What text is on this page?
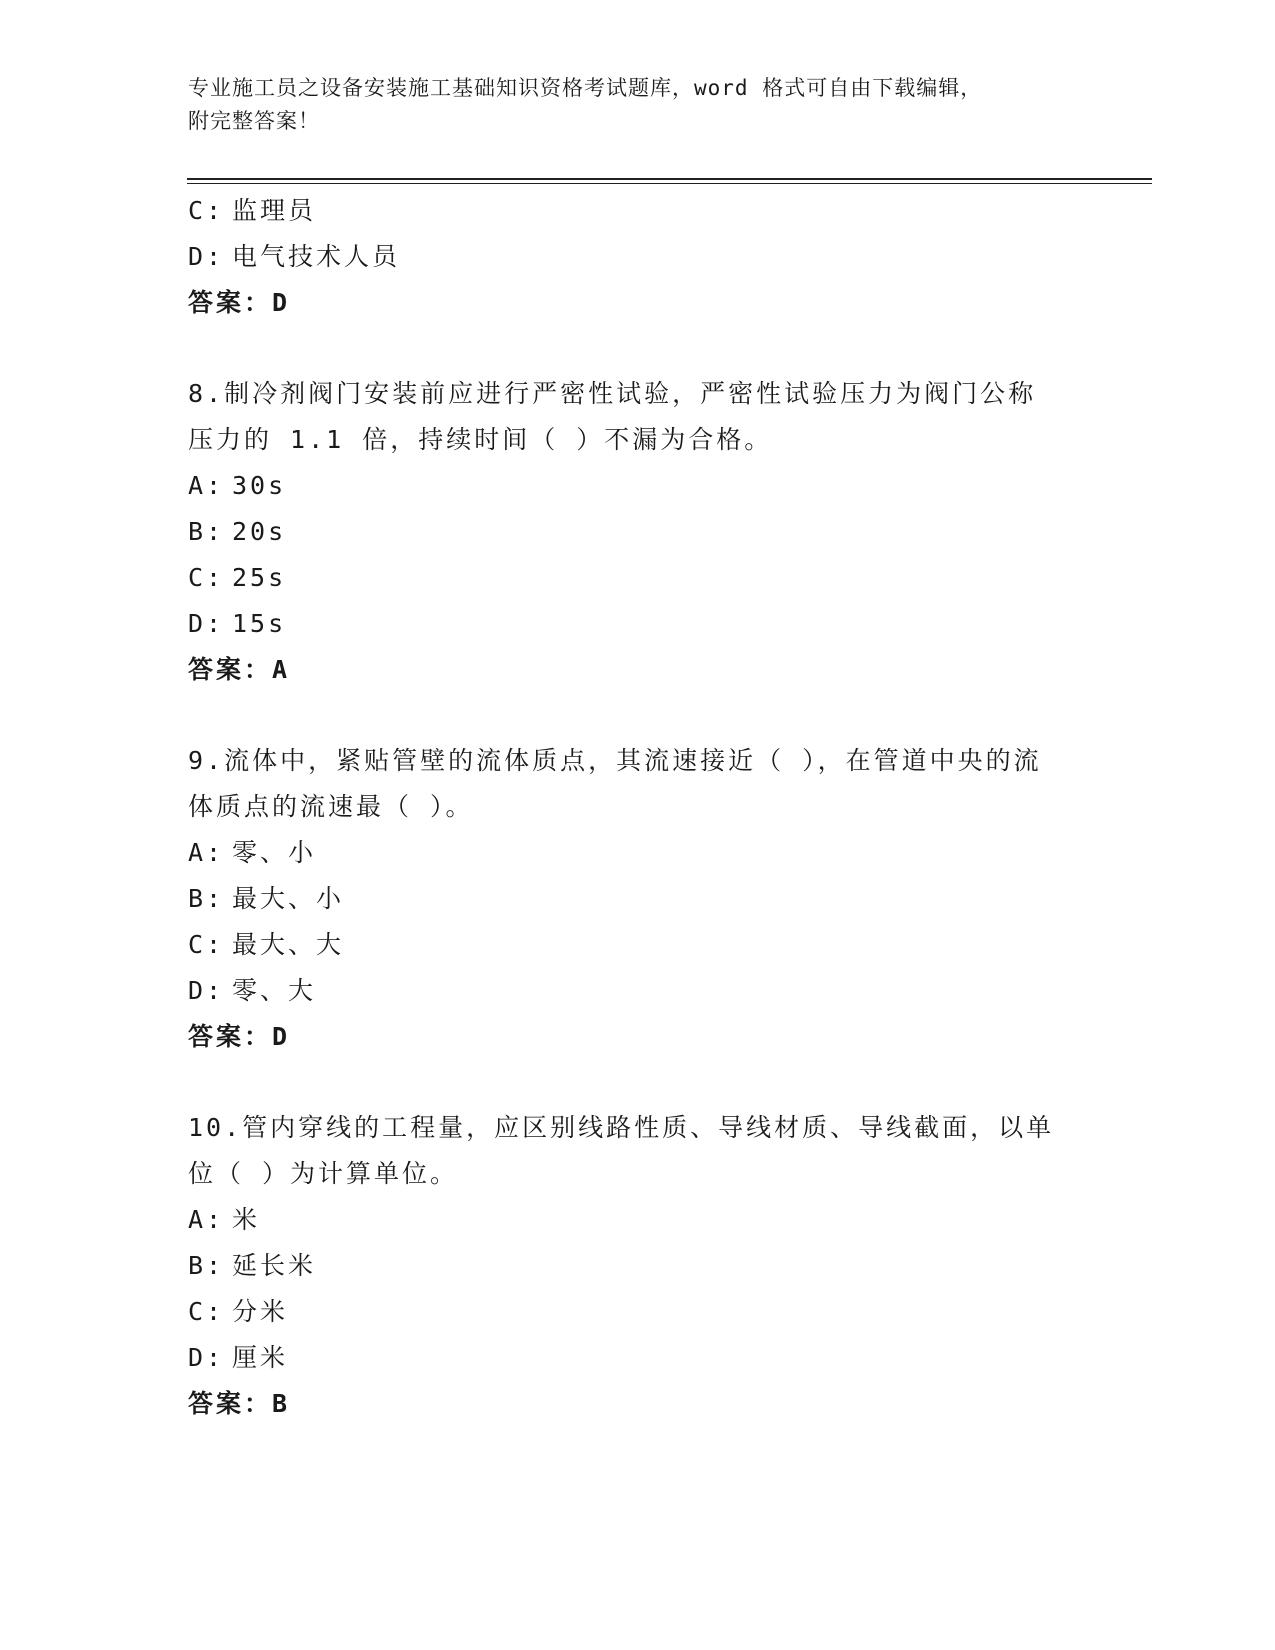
专业施工员之设备安装施工基础知识资格考试题库，word 格式可自由下载编辑，
附完整答案！
C: 监理员
D: 电气技术人员
答案：D
8.制冷剂阀门安装前应进行严密性试验，严密性试验压力为阀门公称
压力的 1.1 倍，持续时间（ ）不漏为合格。
A: 30s
B: 20s
C: 25s
D: 15s
答案：A
9.流体中，紧贴管壁的流体质点，其流速接近（ ），在管道中央的流
体质点的流速最（ ）。
A: 零、小
B: 最大、小
C: 最大、大
D: 零、大
答案：D
10.管内穿线的工程量，应区别线路性质、导线材质、导线截面，以单
位（ ）为计算单位。
A: 米
B: 延长米
C: 分米
D: 厘米
答案：B
